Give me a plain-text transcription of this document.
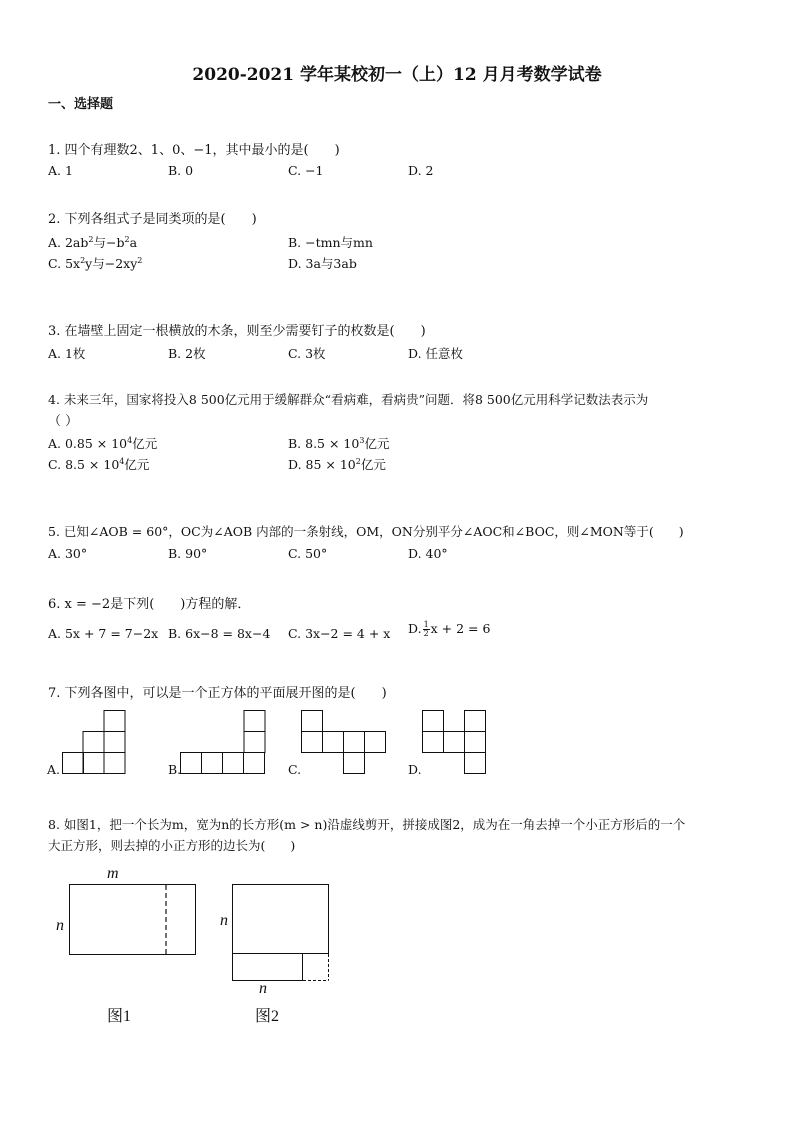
2020-2021 学年某校初一（上）12 月月考数学试卷
一、选择题
1. 四个有理数2、1、0、−1，其中最小的是(　　)
A. 1	B. 0	C. −1	D. 2
2. 下列各组式子是同类项的是(　　)
A. $2ab^2$与$-b^2a$	B. −tmn与mn
C. $5x^2y$与$-2xy^2$	D. 3a与3ab
3. 在墙壁上固定一根横放的木条，则至少需要钉子的枚数是(　　)
A. 1枚	B. 2枚	C. 3枚	D. 任意枚
4. 未来三年，国家将投入8 500亿元用于缓解群众“看病难，看病贵”问题．将8 500亿元用科学记数法表示为
（ ）
A. $0.85 \times 10^4$亿元	B. $8.5 \times 10^3$亿元
C. $8.5 \times 10^4$亿元	D. $85 \times 10^2$亿元
5. 已知∠AOB = 60°，OC为∠AOB 内部的一条射线，OM，ON分别平分∠AOC和∠BOC，则∠MON等于(　　)
A. 30°	B. 90°	C. 50°	D. 40°
6. x = −2是下列(　　)方程的解．
A. 5x + 7 = 7−2x B. 6x−8 = 8x−4 C. 3x−2 = 4 + x D. $\frac{1}{2}$ x + 2 = 6
7. 下列各图中，可以是一个正方体的平面展开图的是(　　)
A.	B.	C.	D.
8. 如图1，把一个长为m，宽为n的长方形(m > n)沿虚线剪开，拼接成图2，成为在一角去掉一个小正方形后的一个
大正方形，则去掉的小正方形的边长为(　　)
m
n
图1
n
n
图2
